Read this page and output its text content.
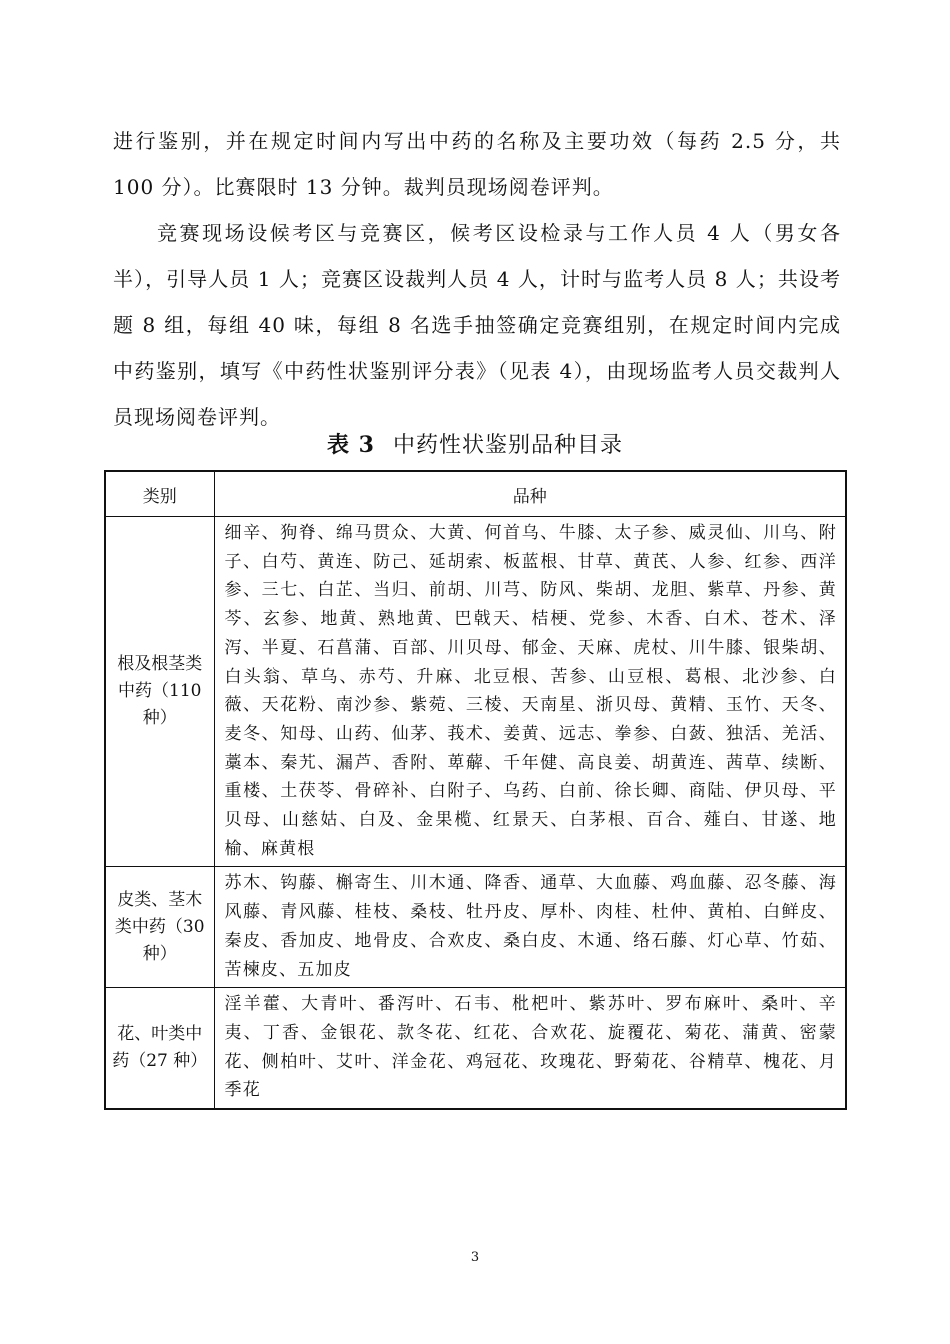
进行鉴别，并在规定时间内写出中药的名称及主要功效（每药 2.5 分，共 100 分）。比赛限时 13 分钟。裁判员现场阅卷评判。

竞赛现场设候考区与竞赛区，候考区设检录与工作人员 4 人（男女各半），引导人员 1 人；竞赛区设裁判人员 4 人，计时与监考人员 8 人；共设考题 8 组，每组 40 味，每组 8 名选手抽签确定竞赛组别，在规定时间内完成中药鉴别，填写《中药性状鉴别评分表》（见表 4），由现场监考人员交裁判人员现场阅卷评判。

表 3 中药性状鉴别品种目录

类别	品种
根及根茎类中药（110 种）	细辛、狗脊、绵马贯众、大黄、何首乌、牛膝、太子参、威灵仙、川乌、附子、白芍、黄连、防己、延胡索、板蓝根、甘草、黄芪、人参、红参、西洋参、三七、白芷、当归、前胡、川芎、防风、柴胡、龙胆、紫草、丹参、黄芩、玄参、地黄、熟地黄、巴戟天、桔梗、党参、木香、白术、苍术、泽泻、半夏、石菖蒲、百部、川贝母、郁金、天麻、虎杖、川牛膝、银柴胡、白头翁、草乌、赤芍、升麻、北豆根、苦参、山豆根、葛根、北沙参、白薇、天花粉、南沙参、紫菀、三棱、天南星、浙贝母、黄精、玉竹、天冬、麦冬、知母、山药、仙茅、莪术、姜黄、远志、拳参、白蔹、独活、羌活、藁本、秦艽、漏芦、香附、萆薢、千年健、高良姜、胡黄连、茜草、续断、重楼、土茯苓、骨碎补、白附子、乌药、白前、徐长卿、商陆、伊贝母、平贝母、山慈姑、白及、金果榄、红景天、白茅根、百合、薤白、甘遂、地榆、麻黄根
皮类、茎木类中药（30 种）	苏木、钩藤、槲寄生、川木通、降香、通草、大血藤、鸡血藤、忍冬藤、海风藤、青风藤、桂枝、桑枝、牡丹皮、厚朴、肉桂、杜仲、黄柏、白鲜皮、秦皮、香加皮、地骨皮、合欢皮、桑白皮、木通、络石藤、灯心草、竹茹、苦楝皮、五加皮
花、叶类中药（27 种）	淫羊藿、大青叶、番泻叶、石韦、枇杷叶、紫苏叶、罗布麻叶、桑叶、辛夷、丁香、金银花、款冬花、红花、合欢花、旋覆花、菊花、蒲黄、密蒙花、侧柏叶、艾叶、洋金花、鸡冠花、玫瑰花、野菊花、谷精草、槐花、月季花

3
